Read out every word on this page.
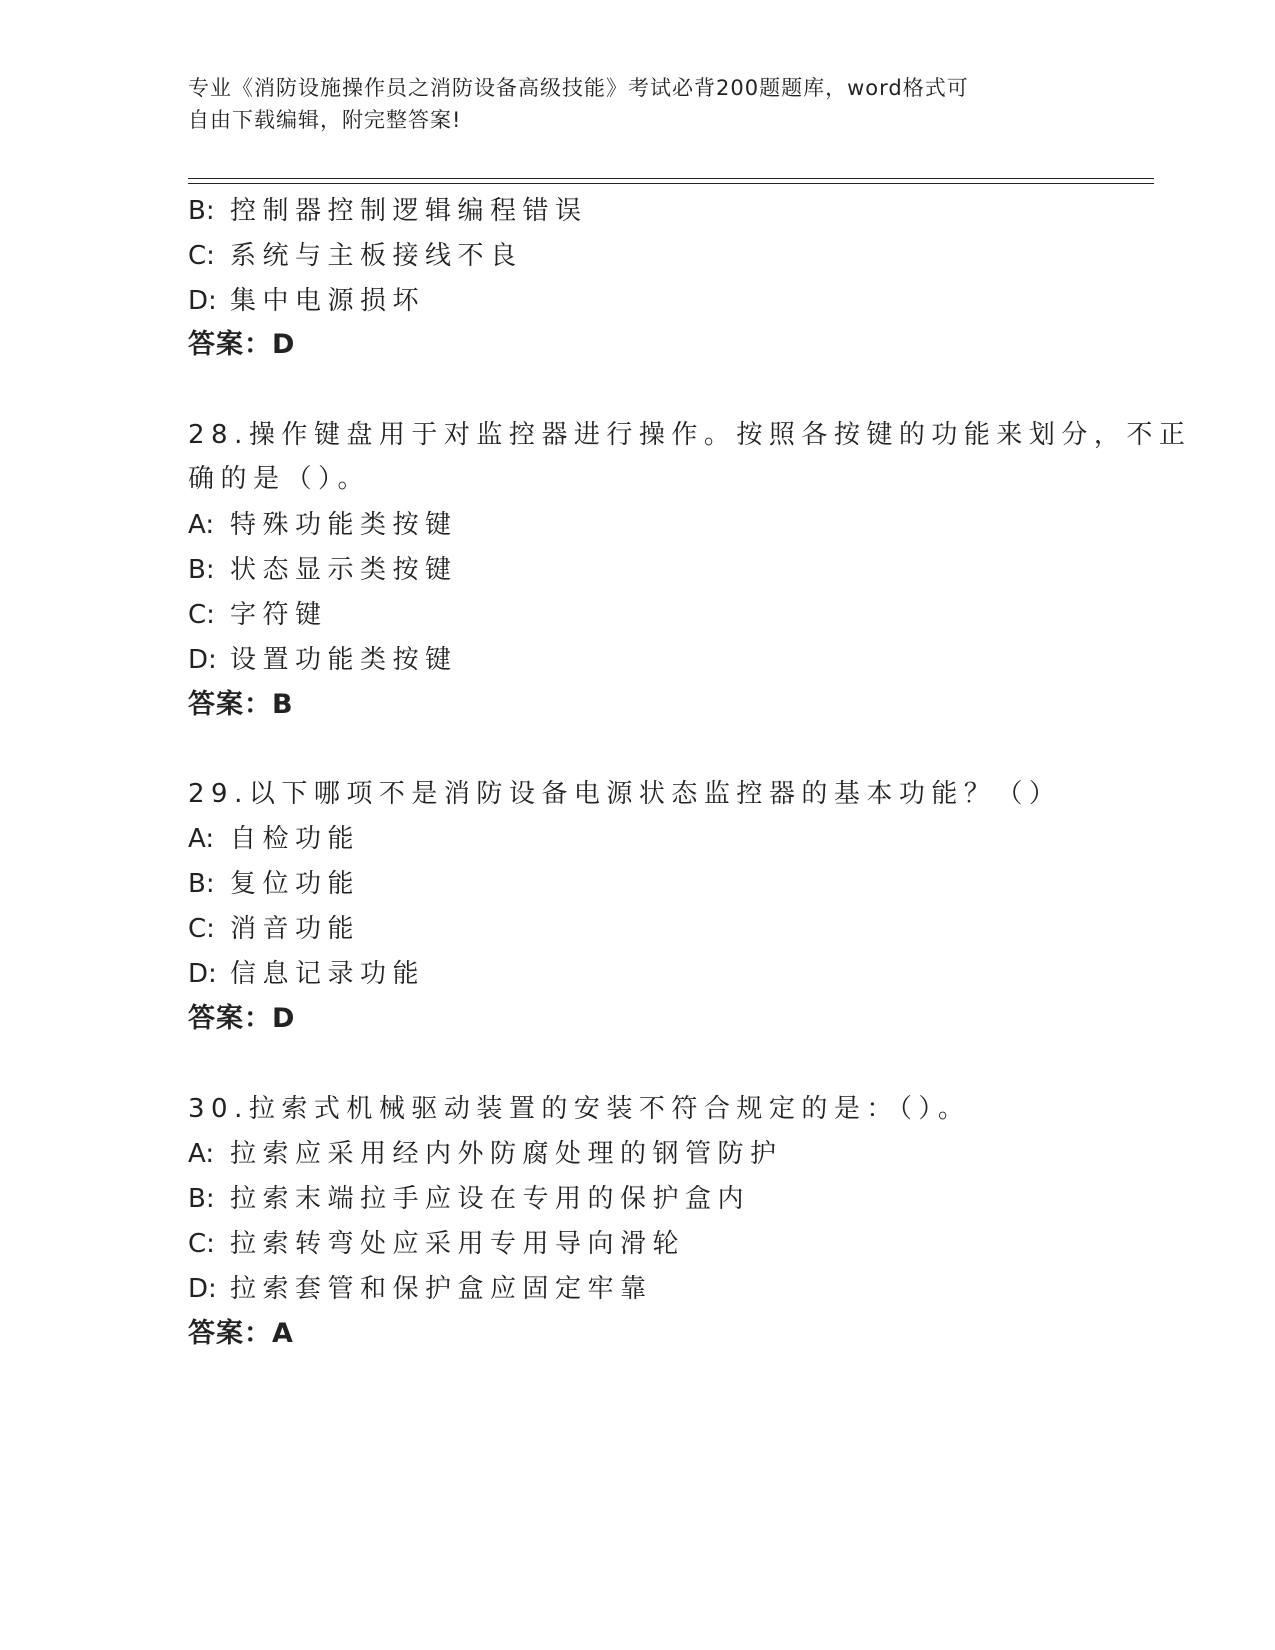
专业《消防设施操作员之消防设备高级技能》考试必背200题题库，word格式可
自由下载编辑，附完整答案!
B: 控制器控制逻辑编程错误
C: 系统与主板接线不良
D: 集中电源损坏
答案：D
28.操作键盘用于对监控器进行操作。按照各按键的功能来划分，不正
确的是（）。
A: 特殊功能类按键
B: 状态显示类按键
C: 字符键
D: 设置功能类按键
答案：B
29.以下哪项不是消防设备电源状态监控器的基本功能？（）
A: 自检功能
B: 复位功能
C: 消音功能
D: 信息记录功能
答案：D
30.拉索式机械驱动装置的安装不符合规定的是：（）。
A: 拉索应采用经内外防腐处理的钢管防护
B: 拉索末端拉手应设在专用的保护盒内
C: 拉索转弯处应采用专用导向滑轮
D: 拉索套管和保护盒应固定牢靠
答案：A
